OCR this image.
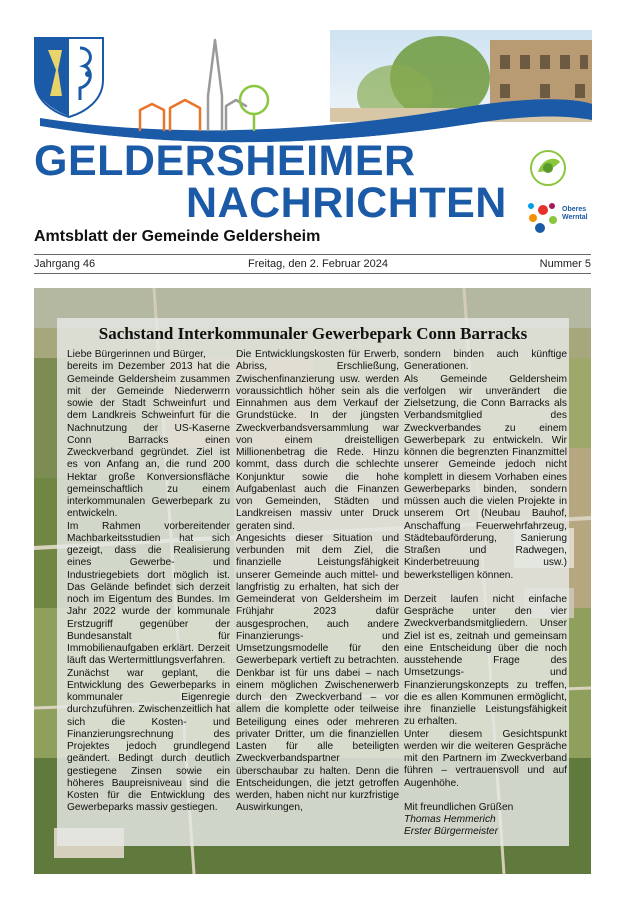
GELDERSHEIMER
NACHRICHTEN
Amtsblatt der Gemeinde Geldersheim
Oberes Werntal
Jahrgang 46	Freitag, den 2. Februar 2024	Nummer 5
Sachstand Interkommunaler Gewerbepark Conn Barracks

Liebe Bürgerinnen und Bürger,

bereits im Dezember 2013 hat die Gemeinde Geldersheim zusammen mit der Gemeinde Niederwerrn sowie der Stadt Schweinfurt und dem Landkreis Schweinfurt für die Nachnutzung der US-Kaserne Conn Barracks einen Zweckverband gegründet. Ziel ist es von Anfang an, die rund 200 Hektar große Konversionsfläche gemeinschaftlich zu einem interkommunalen Gewerbepark zu entwickeln.

Im Rahmen vorbereitender Machbarkeitsstudien hat sich gezeigt, dass die Realisierung eines Gewerbe- und Industriegebiets dort möglich ist. Das Gelände befindet sich derzeit noch im Eigentum des Bundes. Im Jahr 2022 wurde der kommunale Erstzugriff gegenüber der Bundesanstalt für Immobilienaufgaben erklärt. Derzeit läuft das Wertermittlungsverfahren.

Zunächst war geplant, die Entwicklung des Gewerbeparks in kommunaler Eigenregie durchzuführen. Zwischenzeitlich hat sich die Kosten- und Finanzierungsrechnung des Projektes jedoch grundlegend geändert. Bedingt durch deutlich gestiegene Zinsen sowie ein höheres Baupreisniveau sind die Kosten für die Entwicklung des Gewerbeparks massiv gestiegen.

Die Entwicklungskosten für Erwerb, Abriss, Erschließung, Zwischenfinanzierung usw. werden voraussichtlich höher sein als die Einnahmen aus dem Verkauf der Grundstücke. In der jüngsten Zweckverbandsversammlung war von einem dreistelligen Millionenbetrag die Rede. Hinzu kommt, dass durch die schlechte Konjunktur sowie die hohe Aufgabenlast auch die Finanzen von Gemeinden, Städten und Landkreisen massiv unter Druck geraten sind.

Angesichts dieser Situation und verbunden mit dem Ziel, die finanzielle Leistungsfähigkeit unserer Gemeinde auch mittel- und langfristig zu erhalten, hat sich der Gemeinderat von Geldersheim im Frühjahr 2023 dafür ausgesprochen, auch andere Finanzierungs- und Umsetzungsmodelle für den Gewerbepark vertieft zu betrachten. Denkbar ist für uns dabei – nach einem möglichen Zwischenerwerb durch den Zweckverband – vor allem die komplette oder teilweise Beteiligung eines oder mehreren privater Dritter, um die finanziellen Lasten für alle beteiligten Zweckverbandspartner überschaubar zu halten. Denn die Entscheidungen, die jetzt getroffen werden, haben nicht nur kurzfristige Auswirkungen,

sondern binden auch künftige Generationen.

Als Gemeinde Geldersheim verfolgen wir unverändert die Zielsetzung, die Conn Barracks als Verbandsmitglied des Zweckverbandes zu einem Gewerbepark zu entwickeln. Wir können die begrenzten Finanzmittel unserer Gemeinde jedoch nicht komplett in diesem Vorhaben eines Gewerbeparks binden, sondern müssen auch die vielen Projekte in unserem Ort (Neubau Bauhof, Anschaffung Feuerwehrfahrzeug, Städtebauförderung, Sanierung Straßen und Radwegen, Kinderbetreuung usw.) bewerkstelligen können.

Derzeit laufen nicht einfache Gespräche unter den vier Zweckverbandsmitgliedern. Unser Ziel ist es, zeitnah und gemeinsam eine Entscheidung über die noch ausstehende Frage des Umsetzungs- und Finanzierungskonzepts zu treffen, die es allen Kommunen ermöglicht, ihre finanzielle Leistungsfähigkeit zu erhalten.

Unter diesem Gesichtspunkt werden wir die weiteren Gespräche mit den Partnern im Zweckverband führen – vertrauensvoll und auf Augenhöhe.

Mit freundlichen Grüßen

Thomas Hemmerich

Erster Bürgermeister
